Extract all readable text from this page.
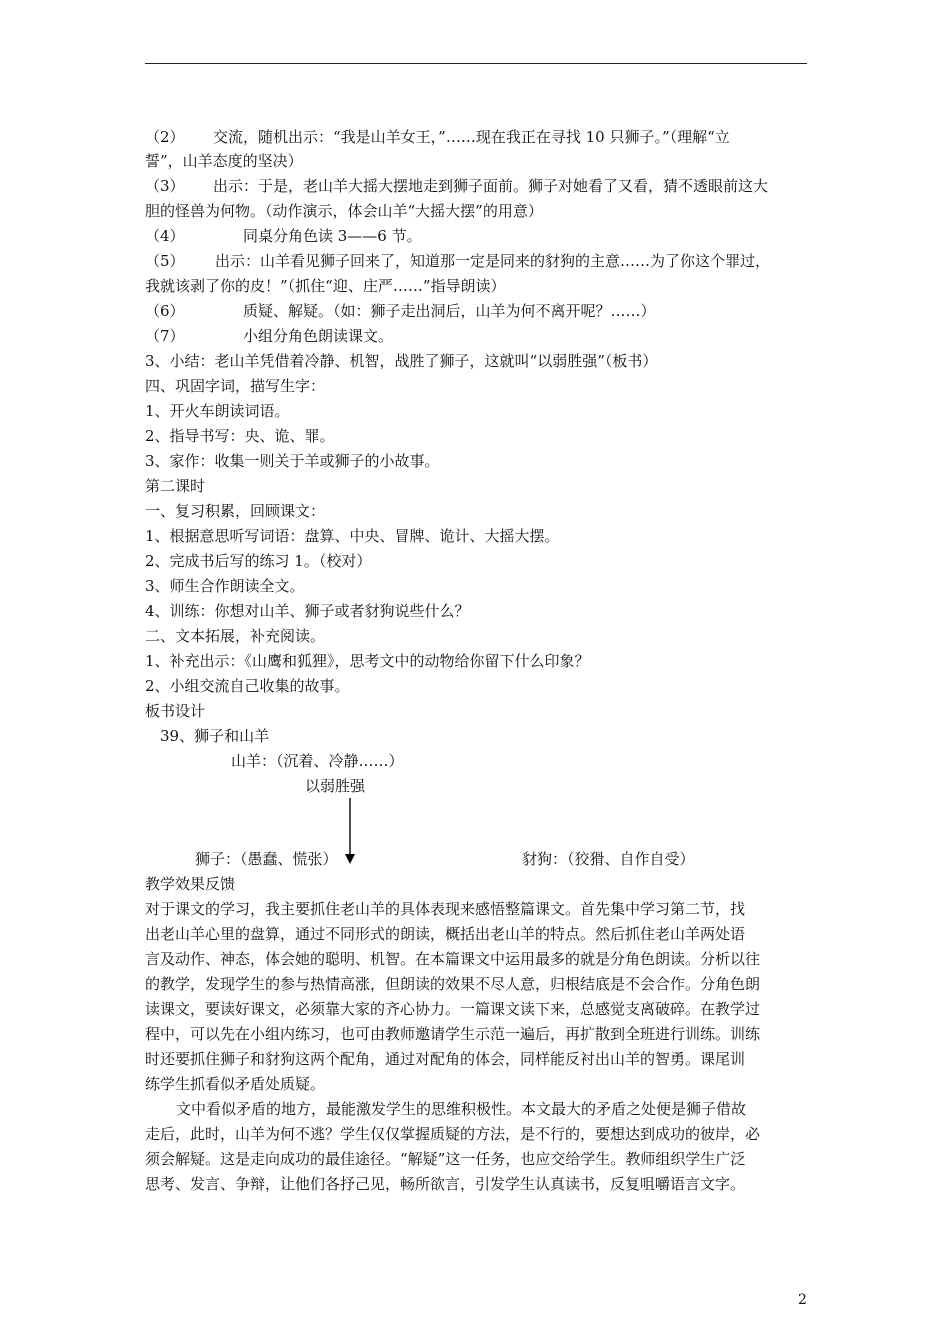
（2） 交流，随机出示：“我是山羊女王，”……现在我正在寻找 10 只狮子。”（理解“立
誓”，山羊态度的坚决）
（3） 出示：于是，老山羊大摇大摆地走到狮子面前。狮子对她看了又看，猜不透眼前这大
胆的怪兽为何物。（动作演示，体会山羊“大摇大摆”的用意）
（4）	同桌分角色读 3——6 节。
（5） 出示：山羊看见狮子回来了，知道那一定是同来的豺狗的主意……为了你这个罪过，
我就该剥了你的皮！”（抓住“迎、庄严……”指导朗读）
（6）	质疑、解疑。（如：狮子走出洞后，山羊为何不离开呢？……）
（7）	小组分角色朗读课文。
3、小结：老山羊凭借着冷静、机智，战胜了狮子，这就叫“以弱胜强”（板书）
四、巩固字词，描写生字：
1、开火车朗读词语。
2、指导书写：央、诡、罪。
3、家作：收集一则关于羊或狮子的小故事。
第二课时
一、复习积累，回顾课文：
1、根据意思听写词语：盘算、中央、冒牌、诡计、大摇大摆。
2、完成书后写的练习 1。（校对）
3、师生合作朗读全文。
4、训练：你想对山羊、狮子或者豺狗说些什么？
二、文本拓展，补充阅读。
1、补充出示：《山鹰和狐狸》，思考文中的动物给你留下什么印象？
2、小组交流自己收集的故事。
板书设计
39、狮子和山羊
山羊：（沉着、冷静……）
以弱胜强
狮子：（愚蠢、慌张）	豺狗：（狡猾、自作自受）
教学效果反馈
对于课文的学习，我主要抓住老山羊的具体表现来感悟整篇课文。首先集中学习第二节，找
出老山羊心里的盘算，通过不同形式的朗读，概括出老山羊的特点。然后抓住老山羊两处语
言及动作、神态，体会她的聪明、机智。在本篇课文中运用最多的就是分角色朗读。分析以往
的教学，发现学生的参与热情高涨，但朗读的效果不尽人意，归根结底是不会合作。分角色朗
读课文，要读好课文，必须靠大家的齐心协力。一篇课文读下来，总感觉支离破碎。在教学过
程中，可以先在小组内练习，也可由教师邀请学生示范一遍后，再扩散到全班进行训练。训练
时还要抓住狮子和豺狗这两个配角，通过对配角的体会，同样能反衬出山羊的智勇。课尾训
练学生抓看似矛盾处质疑。
文中看似矛盾的地方，最能激发学生的思维积极性。本文最大的矛盾之处便是狮子借故
走后，此时，山羊为何不逃？学生仅仅掌握质疑的方法，是不行的，要想达到成功的彼岸，必
须会解疑。这是走向成功的最佳途径。“解疑”这一任务，也应交给学生。教师组织学生广泛
思考、发言、争辩，让他们各抒己见，畅所欲言，引发学生认真读书，反复咀嚼语言文字。
2
